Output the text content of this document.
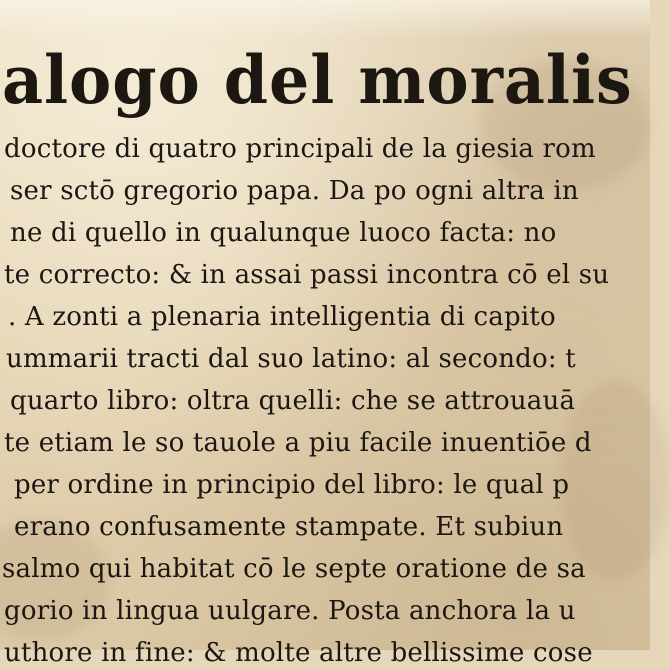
alogo del moralis
doctore di quatro principali de la giesia rom
ser sctō gregorio papa. Da po ogni altra in
ne di quello in qualunque luoco facta: no
te correcto: & in assai passi incontra cō el su
. A zonti a plenaria intelligentia di capito
ummarii tracti dal suo latino: al secondo: t
quarto libro: oltra quelli: che se attrouauā
te etiam le so tauole a piu facile inuentiōe d
per ordine in principio del libro: le qual p
erano confusamente stampate. Et subiun
salmo qui habitat cō le septe oratione de sa
gorio in lingua uulgare. Posta anchora la u
uthore in fine: & molte altre bellissime cose
